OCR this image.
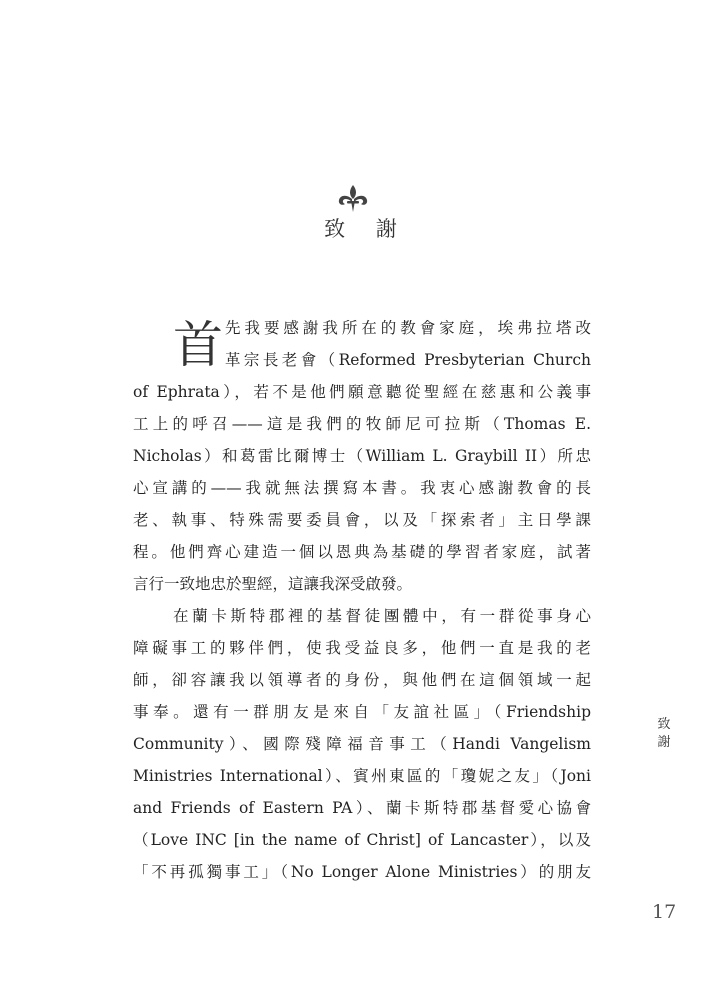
致 謝
首 先我要感謝我所在的教會家庭，埃弗拉塔改
革宗長老會（Reformed Presbyterian Church
of Ephrata），若不是他們願意聽從聖經在慈惠和公義事
工上的呼召——這是我們的牧師尼可拉斯（Thomas E.
Nicholas）和葛雷比爾博士（William L. Graybill II）所忠
心宣講的——我就無法撰寫本書。我衷心感謝教會的長
老、執事、特殊需要委員會，以及「探索者」主日學課
程。他們齊心建造一個以恩典為基礎的學習者家庭，試著
言行一致地忠於聖經，這讓我深受啟發。
在蘭卡斯特郡裡的基督徒團體中，有一群從事身心
障礙事工的夥伴們，使我受益良多，他們一直是我的老
師，卻容讓我以領導者的身份，與他們在這個領域一起
事奉。還有一群朋友是來自「友誼社區」（Friendship
Community）、國際殘障福音事工（Handi Vangelism
Ministries International）、賓州東區的「瓊妮之友」（Joni
and Friends of Eastern PA）、蘭卡斯特郡基督愛心協會
（Love INC [in the name of Christ] of Lancaster），以及
「不再孤獨事工」（No Longer Alone Ministries）的朋友
致
謝
17
